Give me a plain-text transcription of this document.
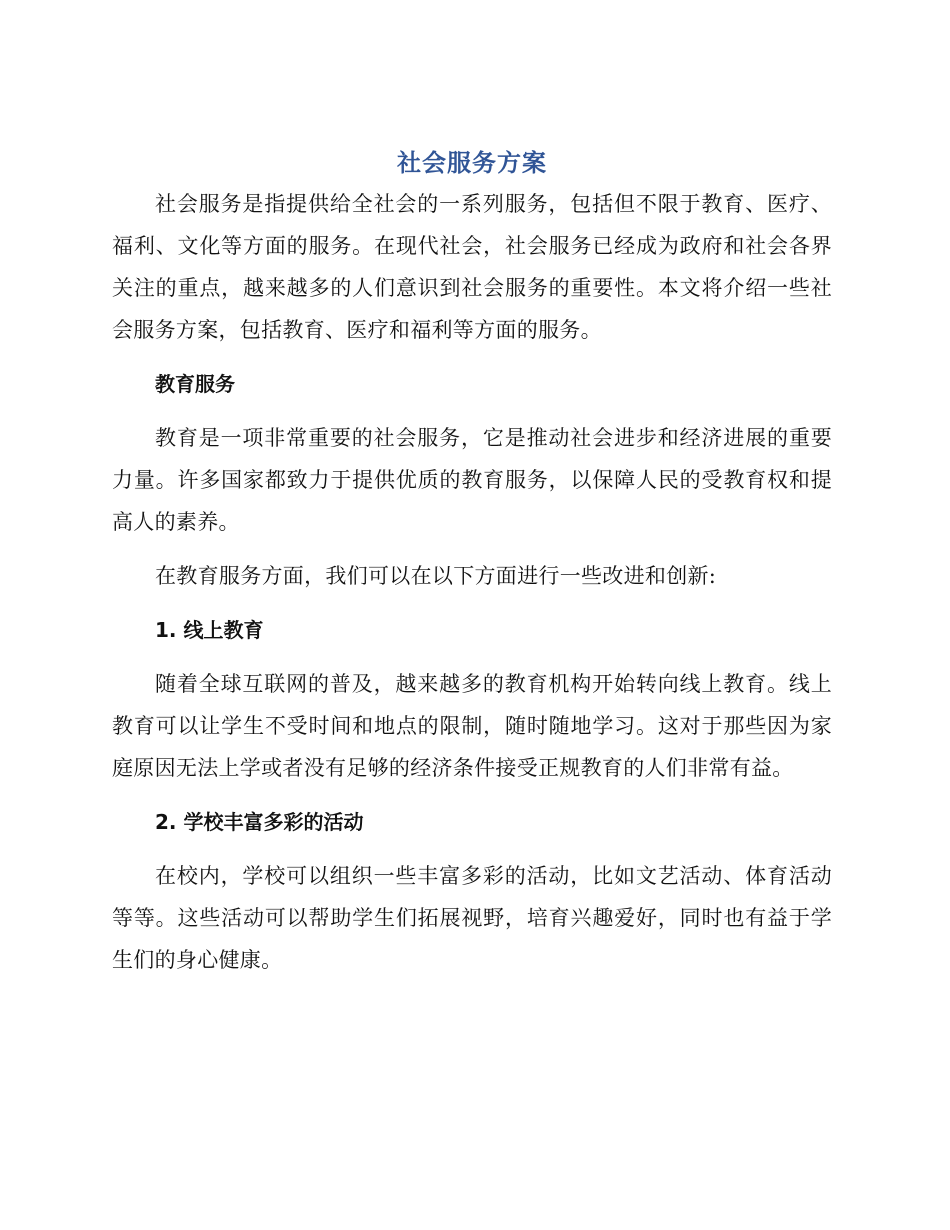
社会服务方案

社会服务是指提供给全社会的一系列服务，包括但不限于教育、医疗、福利、文化等方面的服务。在现代社会，社会服务已经成为政府和社会各界关注的重点，越来越多的人们意识到社会服务的重要性。本文将介绍一些社会服务方案，包括教育、医疗和福利等方面的服务。

教育服务

教育是一项非常重要的社会服务，它是推动社会进步和经济进展的重要力量。许多国家都致力于提供优质的教育服务，以保障人民的受教育权和提高人的素养。

在教育服务方面，我们可以在以下方面进行一些改进和创新:

1. 线上教育

随着全球互联网的普及，越来越多的教育机构开始转向线上教育。线上教育可以让学生不受时间和地点的限制，随时随地学习。这对于那些因为家庭原因无法上学或者没有足够的经济条件接受正规教育的人们非常有益。

2. 学校丰富多彩的活动

在校内，学校可以组织一些丰富多彩的活动，比如文艺活动、体育活动等等。这些活动可以帮助学生们拓展视野，培育兴趣爱好，同时也有益于学生们的身心健康。
